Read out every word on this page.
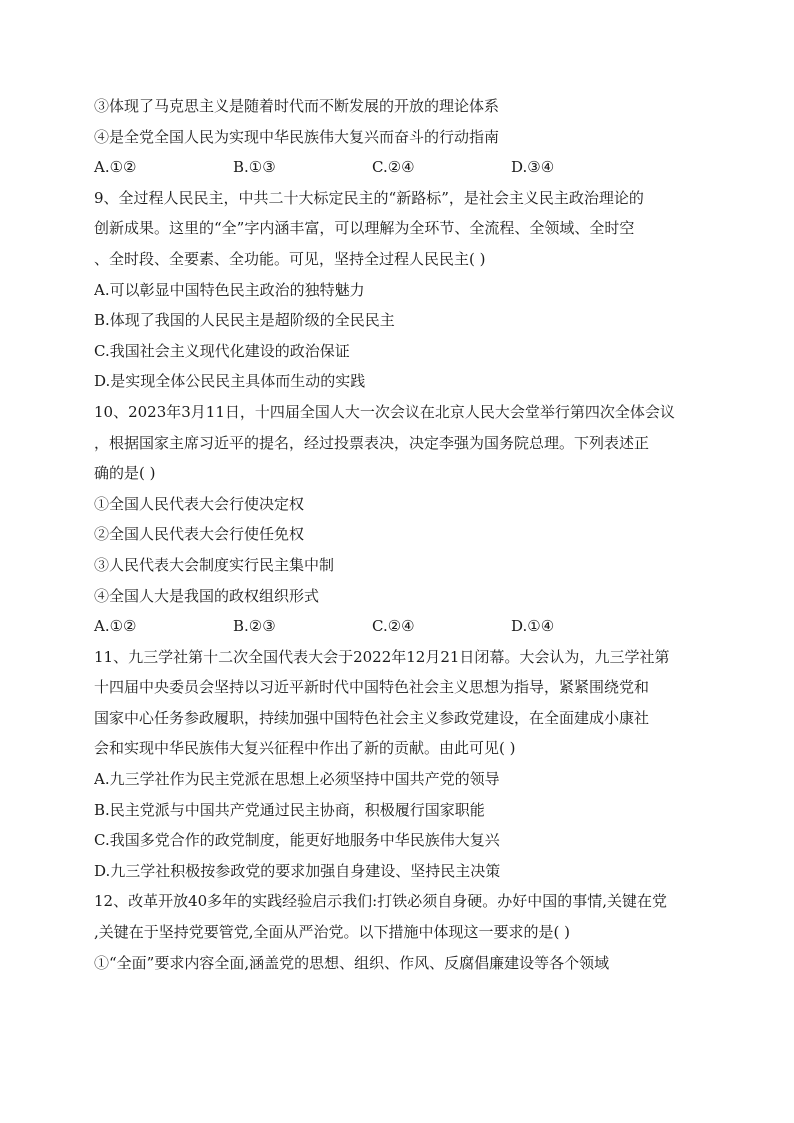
③体现了马克思主义是随着时代而不断发展的开放的理论体系
④是全党全国人民为实现中华民族伟大复兴而奋斗的行动指南
A.①②	B.①③	C.②④	D.③④
9、全过程人民民主，中共二十大标定民主的“新路标”，是社会主义民主政治理论的
创新成果。这里的“全”字内涵丰富，可以理解为全环节、全流程、全领域、全时空
、全时段、全要素、全功能。可见，坚持全过程人民民主( )
A.可以彰显中国特色民主政治的独特魅力
B.体现了我国的人民民主是超阶级的全民民主
C.我国社会主义现代化建设的政治保证
D.是实现全体公民民主具体而生动的实践
10、2023年3月11日，十四届全国人大一次会议在北京人民大会堂举行第四次全体会议
，根据国家主席习近平的提名，经过投票表决，决定李强为国务院总理。下列表述正
确的是( )
①全国人民代表大会行使决定权
②全国人民代表大会行使任免权
③人民代表大会制度实行民主集中制
④全国人大是我国的政权组织形式
A.①②	B.②③	C.②④	D.①④
11、九三学社第十二次全国代表大会于2022年12月21日闭幕。大会认为，九三学社第
十四届中央委员会坚持以习近平新时代中国特色社会主义思想为指导，紧紧围绕党和
国家中心任务参政履职，持续加强中国特色社会主义参政党建设，在全面建成小康社
会和实现中华民族伟大复兴征程中作出了新的贡献。由此可见( )
A.九三学社作为民主党派在思想上必须坚持中国共产党的领导
B.民主党派与中国共产党通过民主协商，积极履行国家职能
C.我国多党合作的政党制度，能更好地服务中华民族伟大复兴
D.九三学社积极按参政党的要求加强自身建设、坚持民主决策
12、改革开放40多年的实践经验启示我们:打铁必须自身硬。办好中国的事情,关键在党
,关键在于坚持党要管党,全面从严治党。以下措施中体现这一要求的是( )
①“全面”要求内容全面,涵盖党的思想、组织、作风、反腐倡廉建设等各个领域
